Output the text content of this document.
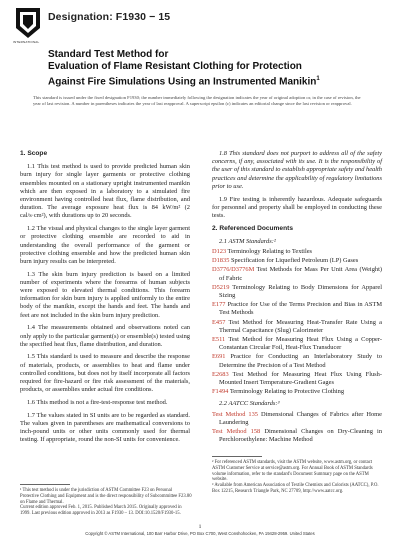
INTERNATIONAL
Designation: F1930 − 15
Standard Test Method for
Evaluation of Flame Resistant Clothing for Protection
Against Fire Simulations Using an Instrumented Manikin$^1$
This standard is issued under the fixed designation F1930; the number immediately following the designation indicates the year of original adoption or, in the case of revision, the year of last revision. A number in parentheses indicates the year of last reapproval. A superscript epsilon (ε) indicates an editorial change since the last revision or reapproval.
1. Scope

1.1 This test method is used to provide predicted human skin burn injury for single layer garments or protective clothing ensembles mounted on a stationary upright instrumented manikin which are then exposed in a laboratory to a simulated fire environment having controlled heat flux, flame distribution, and duration. The average exposure heat flux is 84 kW/m² (2 cal/s·cm²), with durations up to 20 seconds.

1.2 The visual and physical changes to the single layer garment or protective clothing ensemble are recorded to aid in understanding the overall performance of the garment or protective clothing ensemble and how the predicted human skin burn injury results can be interpreted.

1.3 The skin burn injury prediction is based on a limited number of experiments where the forearms of human subjects were exposed to elevated thermal conditions. This forearm information for skin burn injury is applied uniformly to the entire body of the manikin, except the hands and feet. The hands and feet are not included in the skin burn injury prediction.

1.4 The measurements obtained and observations noted can only apply to the particular garment(s) or ensemble(s) tested using the specified heat flux, flame distribution, and duration.

1.5 This standard is used to measure and describe the response of materials, products, or assemblies to heat and flame under controlled conditions, but does not by itself incorporate all factors required for fire-hazard or fire risk assessment of the materials, products, or assemblies under actual fire conditions.

1.6 This method is not a fire-test-response test method.

1.7 The values stated in SI units are to be regarded as standard. The values given in parentheses are mathematical conversions to inch-pound units or other units commonly used for thermal testing. If appropriate, round the non-SI units for convenience.

1.8 This standard does not purport to address all of the safety concerns, if any, associated with its use. It is the responsibility of the user of this standard to establish appropriate safety and health practices and determine the applicability of regulatory limitations prior to use.

1.9 Fire testing is inherently hazardous. Adequate safeguards for personnel and property shall be employed in conducting these tests.

2. Referenced Documents
2.1 ASTM Standards:²
D123 Terminology Relating to Textiles
D1835 Specification for Liquefied Petroleum (LP) Gases
D3776/D3776M Test Methods for Mass Per Unit Area (Weight) of Fabric
D5219 Terminology Relating to Body Dimensions for Apparel Sizing
E177 Practice for Use of the Terms Precision and Bias in ASTM Test Methods
E457 Test Method for Measuring Heat-Transfer Rate Using a Thermal Capacitance (Slug) Calorimeter
E511 Test Method for Measuring Heat Flux Using a Copper-Constantan Circular Foil, Heat-Flux Transducer
E691 Practice for Conducting an Interlaboratory Study to Determine the Precision of a Test Method
E2683 Test Method for Measuring Heat Flux Using Flush-Mounted Insert Temperature-Gradient Gages
F1494 Terminology Relating to Protective Clothing
2.2 AATCC Standards:³
Test Method 135 Dimensional Changes of Fabrics after Home Laundering
Test Method 158 Dimensional Changes on Dry-Cleaning in Perchloroethylene: Machine Method
¹ This test method is under the jurisdiction of ASTM Committee F23 on Personal Protective Clothing and Equipment and is the direct responsibility of Subcommittee F23.80 on Flame and Thermal.
Current edition approved Feb. 1, 2015. Published March 2015. Originally approved in 1999. Last previous edition approved in 2013 as F1930 – 13. DOI:10.1520/F1930-15.
² For referenced ASTM standards, visit the ASTM website, www.astm.org, or contact ASTM Customer Service at service@astm.org. For Annual Book of ASTM Standards volume information, refer to the standard's Document Summary page on the ASTM website.
³ Available from American Association of Textile Chemists and Colorists (AATCC), P.O. Box 12215, Research Triangle Park, NC 27709, http://www.aatcc.org.
1
Copyright © ASTM International, 100 Barr Harbor Drive, PO Box C700, West Conshohocken, PA 19428-2959. United States
